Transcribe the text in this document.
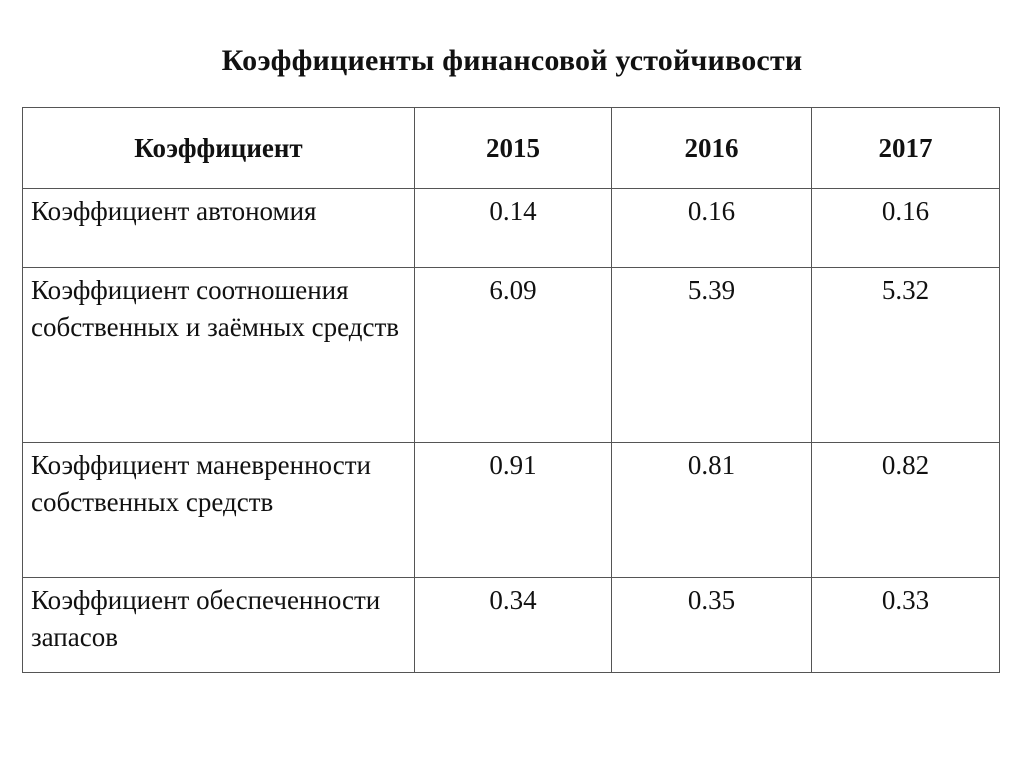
Коэффициенты финансовой устойчивости
Коэффициент	2015	2016	2017
Коэффициент автономия	0.14	0.16	0.16
Коэффициент соотношения собственных и заёмных средств	6.09	5.39	5.32
Коэффициент маневренности собственных средств	0.91	0.81	0.82
Коэффициент обеспеченности запасов	0.34	0.35	0.33
